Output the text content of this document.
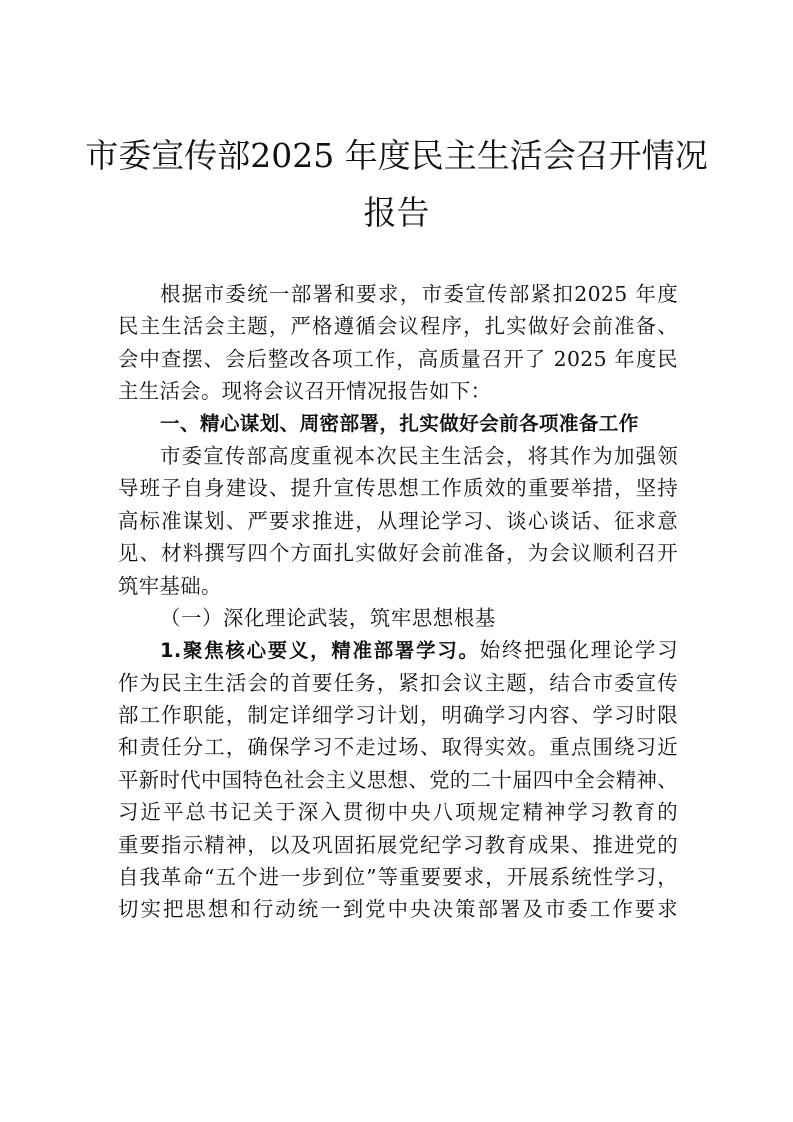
市委宣传部2025 年度民主生活会召开情况
报告
根据市委统一部署和要求，市委宣传部紧扣2025 年度
民主生活会主题，严格遵循会议程序，扎实做好会前准备、
会中查摆、会后整改各项工作，高质量召开了 2025 年度民
主生活会。现将会议召开情况报告如下：
一、精心谋划、周密部署，扎实做好会前各项准备工作
市委宣传部高度重视本次民主生活会，将其作为加强领
导班子自身建设、提升宣传思想工作质效的重要举措，坚持
高标准谋划、严要求推进，从理论学习、谈心谈话、征求意
见、材料撰写四个方面扎实做好会前准备，为会议顺利召开
筑牢基础。
（一）深化理论武装，筑牢思想根基
1.聚焦核心要义，精准部署学习。始终把强化理论学习
作为民主生活会的首要任务，紧扣会议主题，结合市委宣传
部工作职能，制定详细学习计划，明确学习内容、学习时限
和责任分工，确保学习不走过场、取得实效。重点围绕习近
平新时代中国特色社会主义思想、党的二十届四中全会精神、
习近平总书记关于深入贯彻中央八项规定精神学习教育的
重要指示精神，以及巩固拓展党纪学习教育成果、推进党的
自我革命“五个进一步到位”等重要要求，开展系统性学习，
切实把思想和行动统一到党中央决策部署及市委工作要求
